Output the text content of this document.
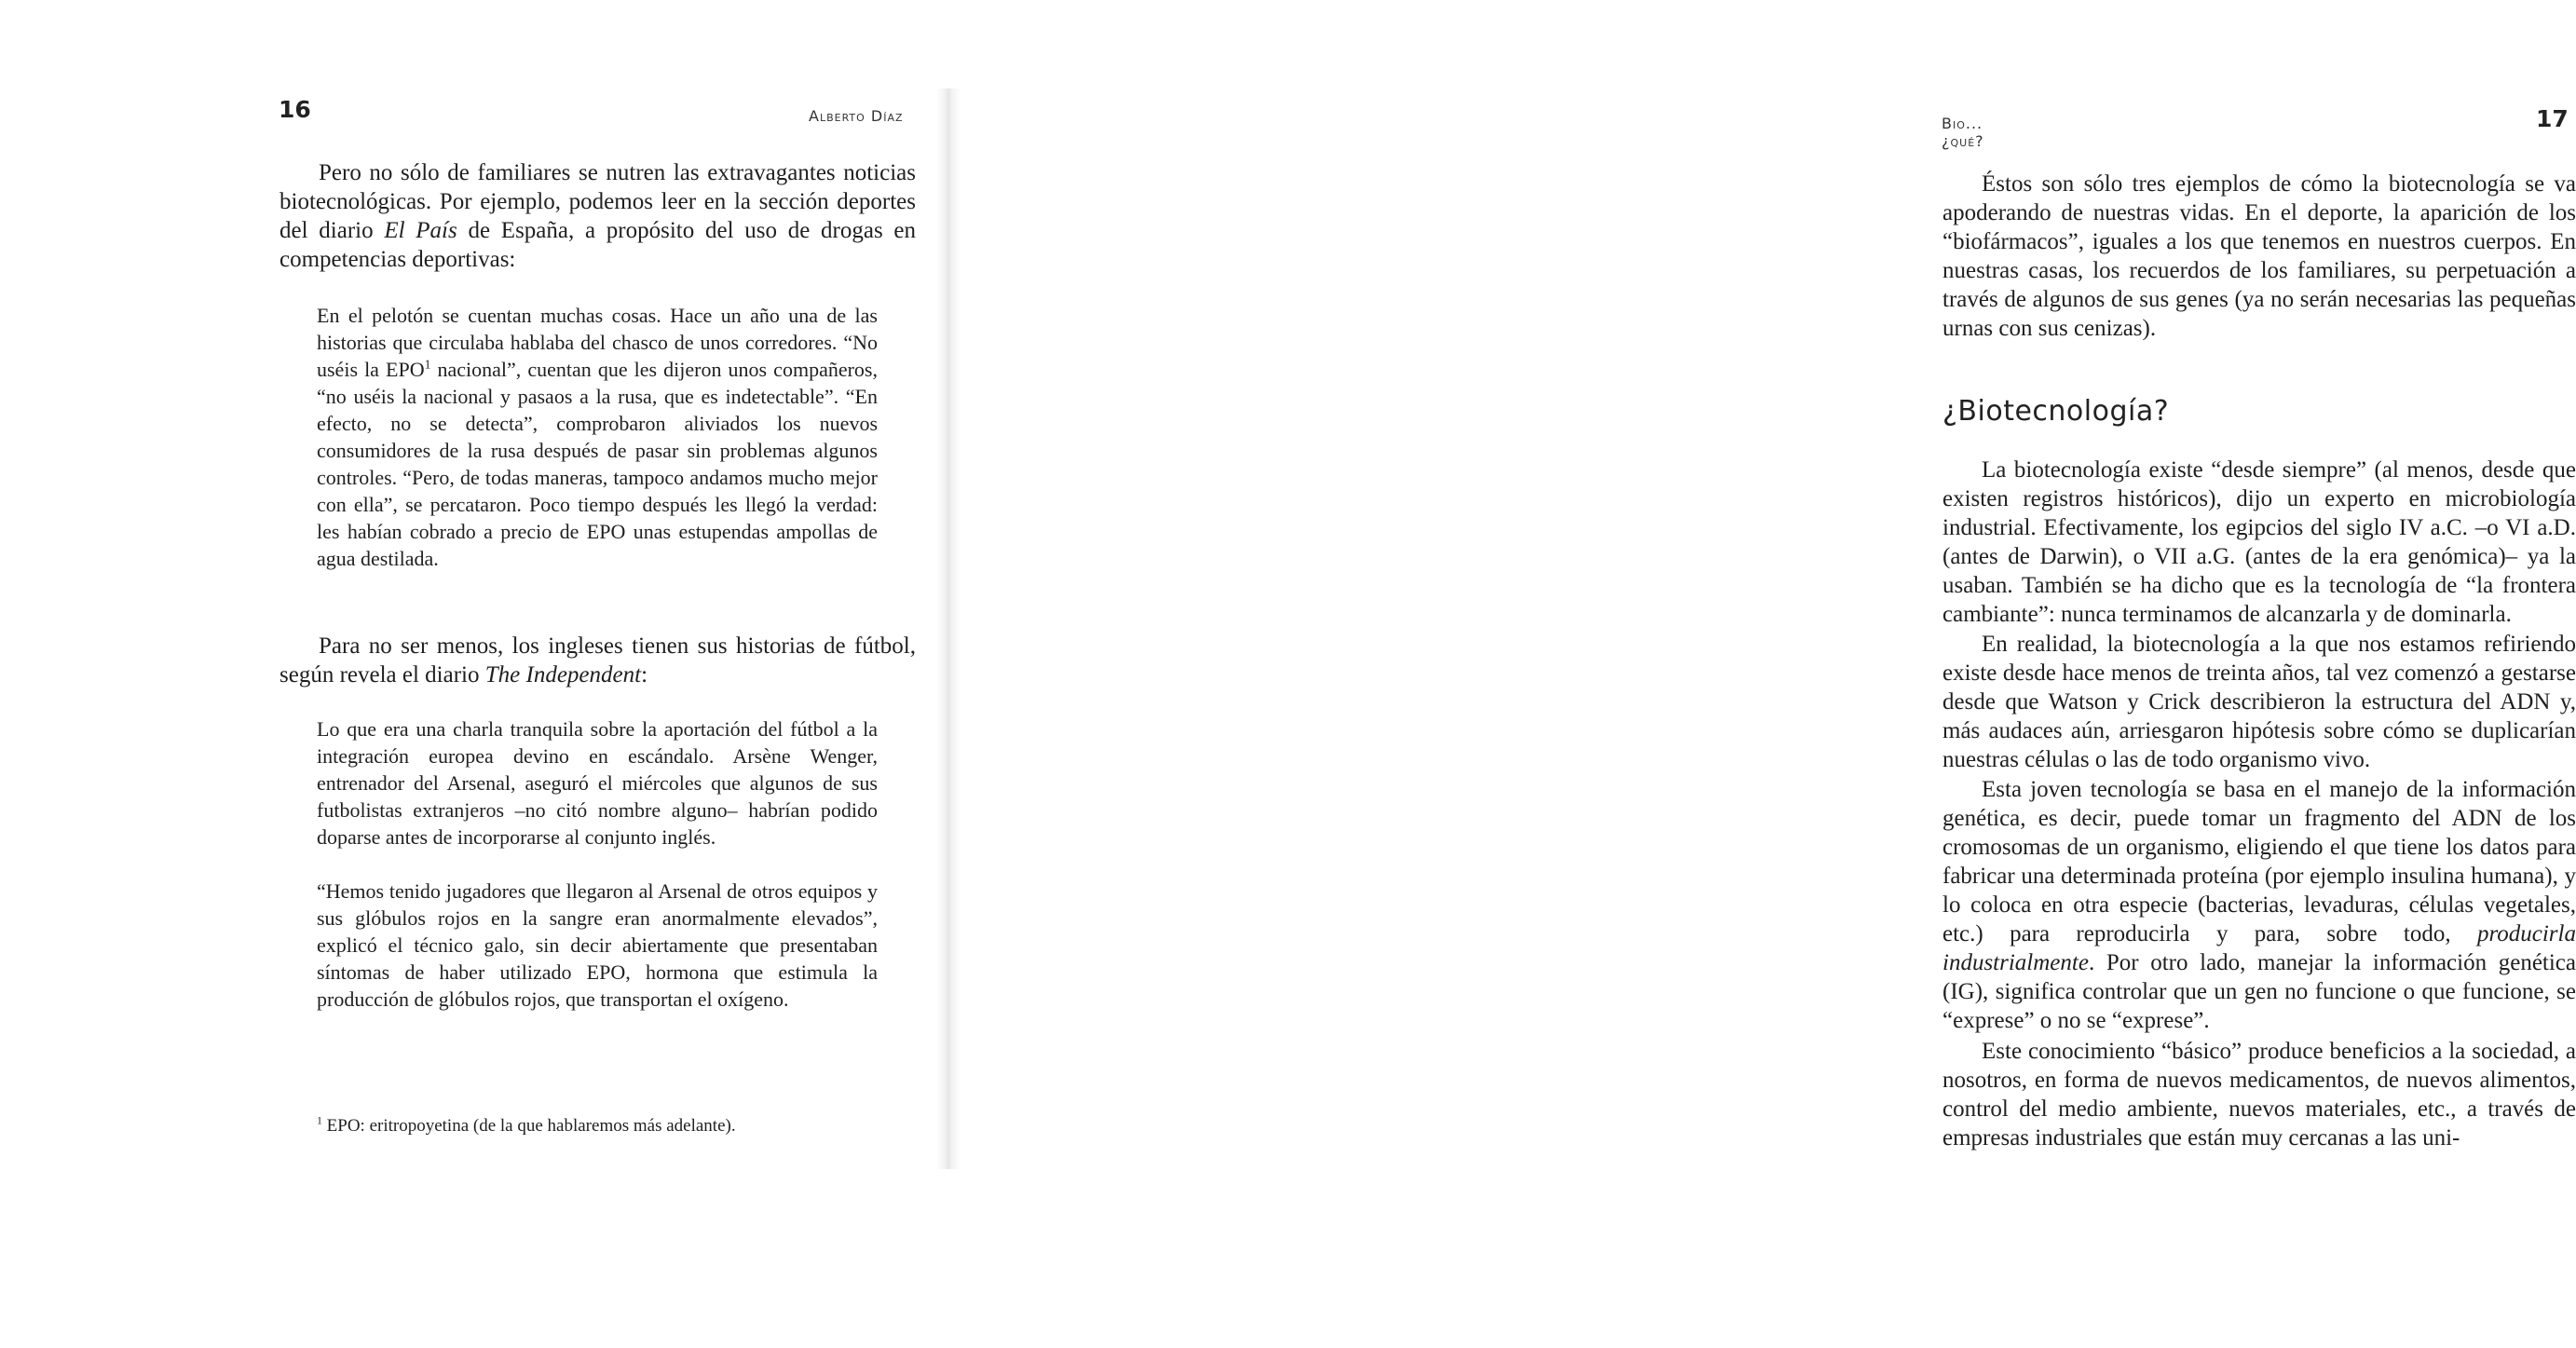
16	Alberto Díaz

Pero no sólo de familiares se nutren las extravagantes noticias biotecnológicas. Por ejemplo, podemos leer en la sección deportes del diario El País de España, a propósito del uso de drogas en competencias deportivas:

En el pelotón se cuentan muchas cosas. Hace un año una de las historias que circulaba hablaba del chasco de unos corredores. “No uséis la EPO$^1$ nacional”, cuentan que les dijeron unos compañeros, “no uséis la nacional y pasaos a la rusa, que es indetectable”. “En efecto, no se detecta”, comprobaron aliviados los nuevos consumidores de la rusa después de pasar sin problemas algunos controles. “Pero, de todas maneras, tampoco andamos mucho mejor con ella”, se percataron. Poco tiempo después les llegó la verdad: les habían cobrado a precio de EPO unas estupendas ampollas de agua destilada.

Para no ser menos, los ingleses tienen sus historias de fútbol, según revela el diario The Independent:

Lo que era una charla tranquila sobre la aportación del fútbol a la integración europea devino en escándalo. Arsène Wenger, entrenador del Arsenal, aseguró el miércoles que algunos de sus futbolistas extranjeros –no citó nombre alguno– habrían podido doparse antes de incorporarse al conjunto inglés.

“Hemos tenido jugadores que llegaron al Arsenal de otros equipos y sus glóbulos rojos en la sangre eran anormalmente elevados”, explicó el técnico galo, sin decir abiertamente que presentaban síntomas de haber utilizado EPO, hormona que estimula la producción de glóbulos rojos, que transportan el oxígeno.

$^1$ EPO: eritropoyetina (de la que hablaremos más adelante).

Bio... ¿qué?
17

Éstos son sólo tres ejemplos de cómo la biotecnología se va apoderando de nuestras vidas. En el deporte, la aparición de los “biofármacos”, iguales a los que tenemos en nuestros cuerpos. En nuestras casas, los recuerdos de los familiares, su perpetuación a través de algunos de sus genes (ya no serán necesarias las pequeñas urnas con sus cenizas).

¿Biotecnología?

La biotecnología existe “desde siempre” (al menos, desde que existen registros históricos), dijo un experto en microbiología industrial. Efectivamente, los egipcios del siglo IV a.C. –o VI a.D. (antes de Darwin), o VII a.G. (antes de la era genómica)– ya la usaban. También se ha dicho que es la tecnología de “la frontera cambiante”: nunca terminamos de alcanzarla y de dominarla.

En realidad, la biotecnología a la que nos estamos refiriendo existe desde hace menos de treinta años, tal vez comenzó a gestarse desde que Watson y Crick describieron la estructura del ADN y, más audaces aún, arriesgaron hipótesis sobre cómo se duplicarían nuestras células o las de todo organismo vivo.

Esta joven tecnología se basa en el manejo de la información genética, es decir, puede tomar un fragmento del ADN de los cromosomas de un organismo, eligiendo el que tiene los datos para fabricar una determinada proteína (por ejemplo insulina humana), y lo coloca en otra especie (bacterias, levaduras, células vegetales, etc.) para reproducirla y para, sobre todo, producirla industrialmente. Por otro lado, manejar la información genética (IG), significa controlar que un gen no funcione o que funcione, se “exprese” o no se “exprese”.

Este conocimiento “básico” produce beneficios a la sociedad, a nosotros, en forma de nuevos medicamentos, de nuevos alimentos, control del medio ambiente, nuevos materiales, etc., a través de empresas industriales que están muy cercanas a las uni-
